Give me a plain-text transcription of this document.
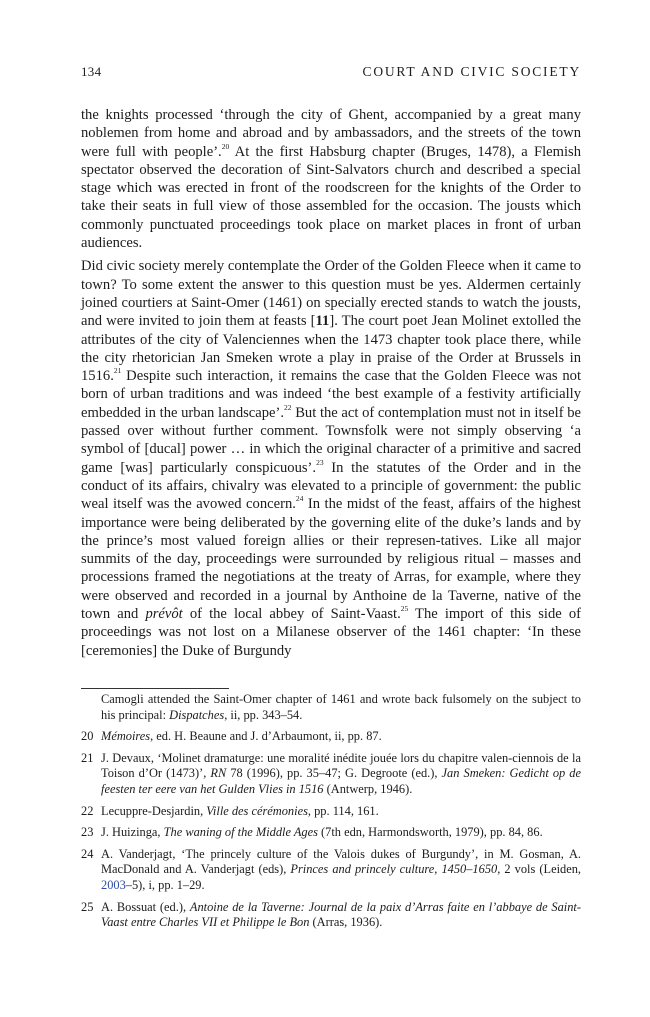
134	COURT AND CIVIC SOCIETY

the knights processed ‘through the city of Ghent, accompanied by a great many noblemen from home and abroad and by ambassadors, and the streets of the town were full with people’.$^{20}$ At the first Habsburg chapter (Bruges, 1478), a Flemish spectator observed the decoration of Sint-Salvators church and described a special stage which was erected in front of the roodscreen for the knights of the Order to take their seats in full view of those assembled for the occasion. The jousts which commonly punctuated proceedings took place on market places in front of urban audiences.

Did civic society merely contemplate the Order of the Golden Fleece when it came to town? To some extent the answer to this question must be yes. Aldermen certainly joined courtiers at Saint-Omer (1461) on specially erected stands to watch the jousts, and were invited to join them at feasts [11]. The court poet Jean Molinet extolled the attributes of the city of Valenciennes when the 1473 chapter took place there, while the city rhetorician Jan Smeken wrote a play in praise of the Order at Brussels in 1516.21 Despite such interaction, it remains the case that the Golden Fleece was not born of urban traditions and was indeed ‘the best example of a festivity artificially embedded in the urban landscape’.$^{22}$ But the act of contemplation must not in itself be passed over without further comment. Townsfolk were not simply observing ‘a symbol of [ducal] power … in which the original character of a primitive and sacred game [was] particularly conspicuous’.$^{23}$ In the statutes of the Order and in the conduct of its affairs, chivalry was elevated to a principle of government: the public weal itself was the avowed concern.$^{24}$ In the midst of the feast, affairs of the highest importance were being deliberated by the governing elite of the duke’s lands and by the prince’s most valued foreign allies or their represen-tatives. Like all major summits of the day, proceedings were surrounded by religious ritual – masses and processions framed the negotiations at the treaty of Arras, for example, where they were observed and recorded in a journal by Anthoine de la Taverne, native of the town and prévôt of the local abbey of Saint-Vaast.$^{25}$ The import of this side of proceedings was not lost on a Milanese observer of the 1461 chapter: ‘In these [ceremonies] the Duke of Burgundy

Camogli attended the Saint-Omer chapter of 1461 and wrote back fulsomely on the subject to his principal: Dispatches, ii, pp. 343–54.

20 Mémoires, ed. H. Beaune and J. d’Arbaumont, ii, pp. 87.

21 J. Devaux, ‘Molinet dramaturge: une moralité inédite jouée lors du chapitre valen-ciennois de la Toison d’Or (1473)’, RN 78 (1996), pp. 35–47; G. Degroote (ed.), Jan Smeken: Gedicht op de feesten ter eere van het Gulden Vlies in 1516 (Antwerp, 1946).

22 Lecuppre-Desjardin, Ville des cérémonies, pp. 114, 161.

23 J. Huizinga, The waning of the Middle Ages (7th edn, Harmondsworth, 1979), pp. 84, 86.

24 A. Vanderjagt, ‘The princely culture of the Valois dukes of Burgundy’, in M. Gosman, A. MacDonald and A. Vanderjagt (eds), Princes and princely culture, 1450–1650, 2 vols (Leiden, 2003–5), i, pp. 1–29.

25 A. Bossuat (ed.), Antoine de la Taverne: Journal de la paix d’Arras faite en l’abbaye de Saint-Vaast entre Charles VII et Philippe le Bon (Arras, 1936).
